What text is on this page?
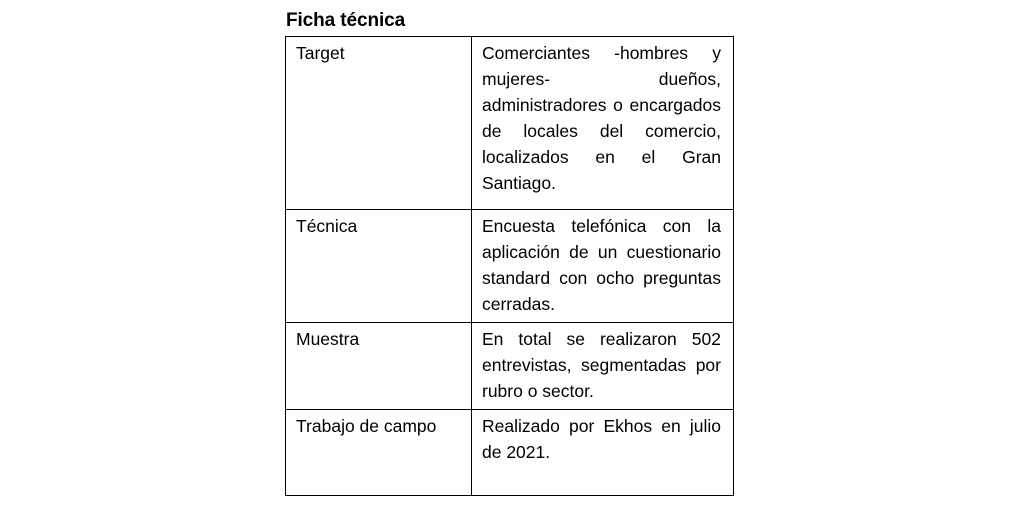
Ficha técnica
Target	Comerciantes -hombres y mujeres- dueños, administradores o encargados de locales del comercio, localizados en el Gran Santiago.
Técnica	Encuesta telefónica con la aplicación de un cuestionario standard con ocho preguntas cerradas.
Muestra	En total se realizaron 502 entrevistas, segmentadas por rubro o sector.
Trabajo de campo	Realizado por Ekhos en julio de 2021.
